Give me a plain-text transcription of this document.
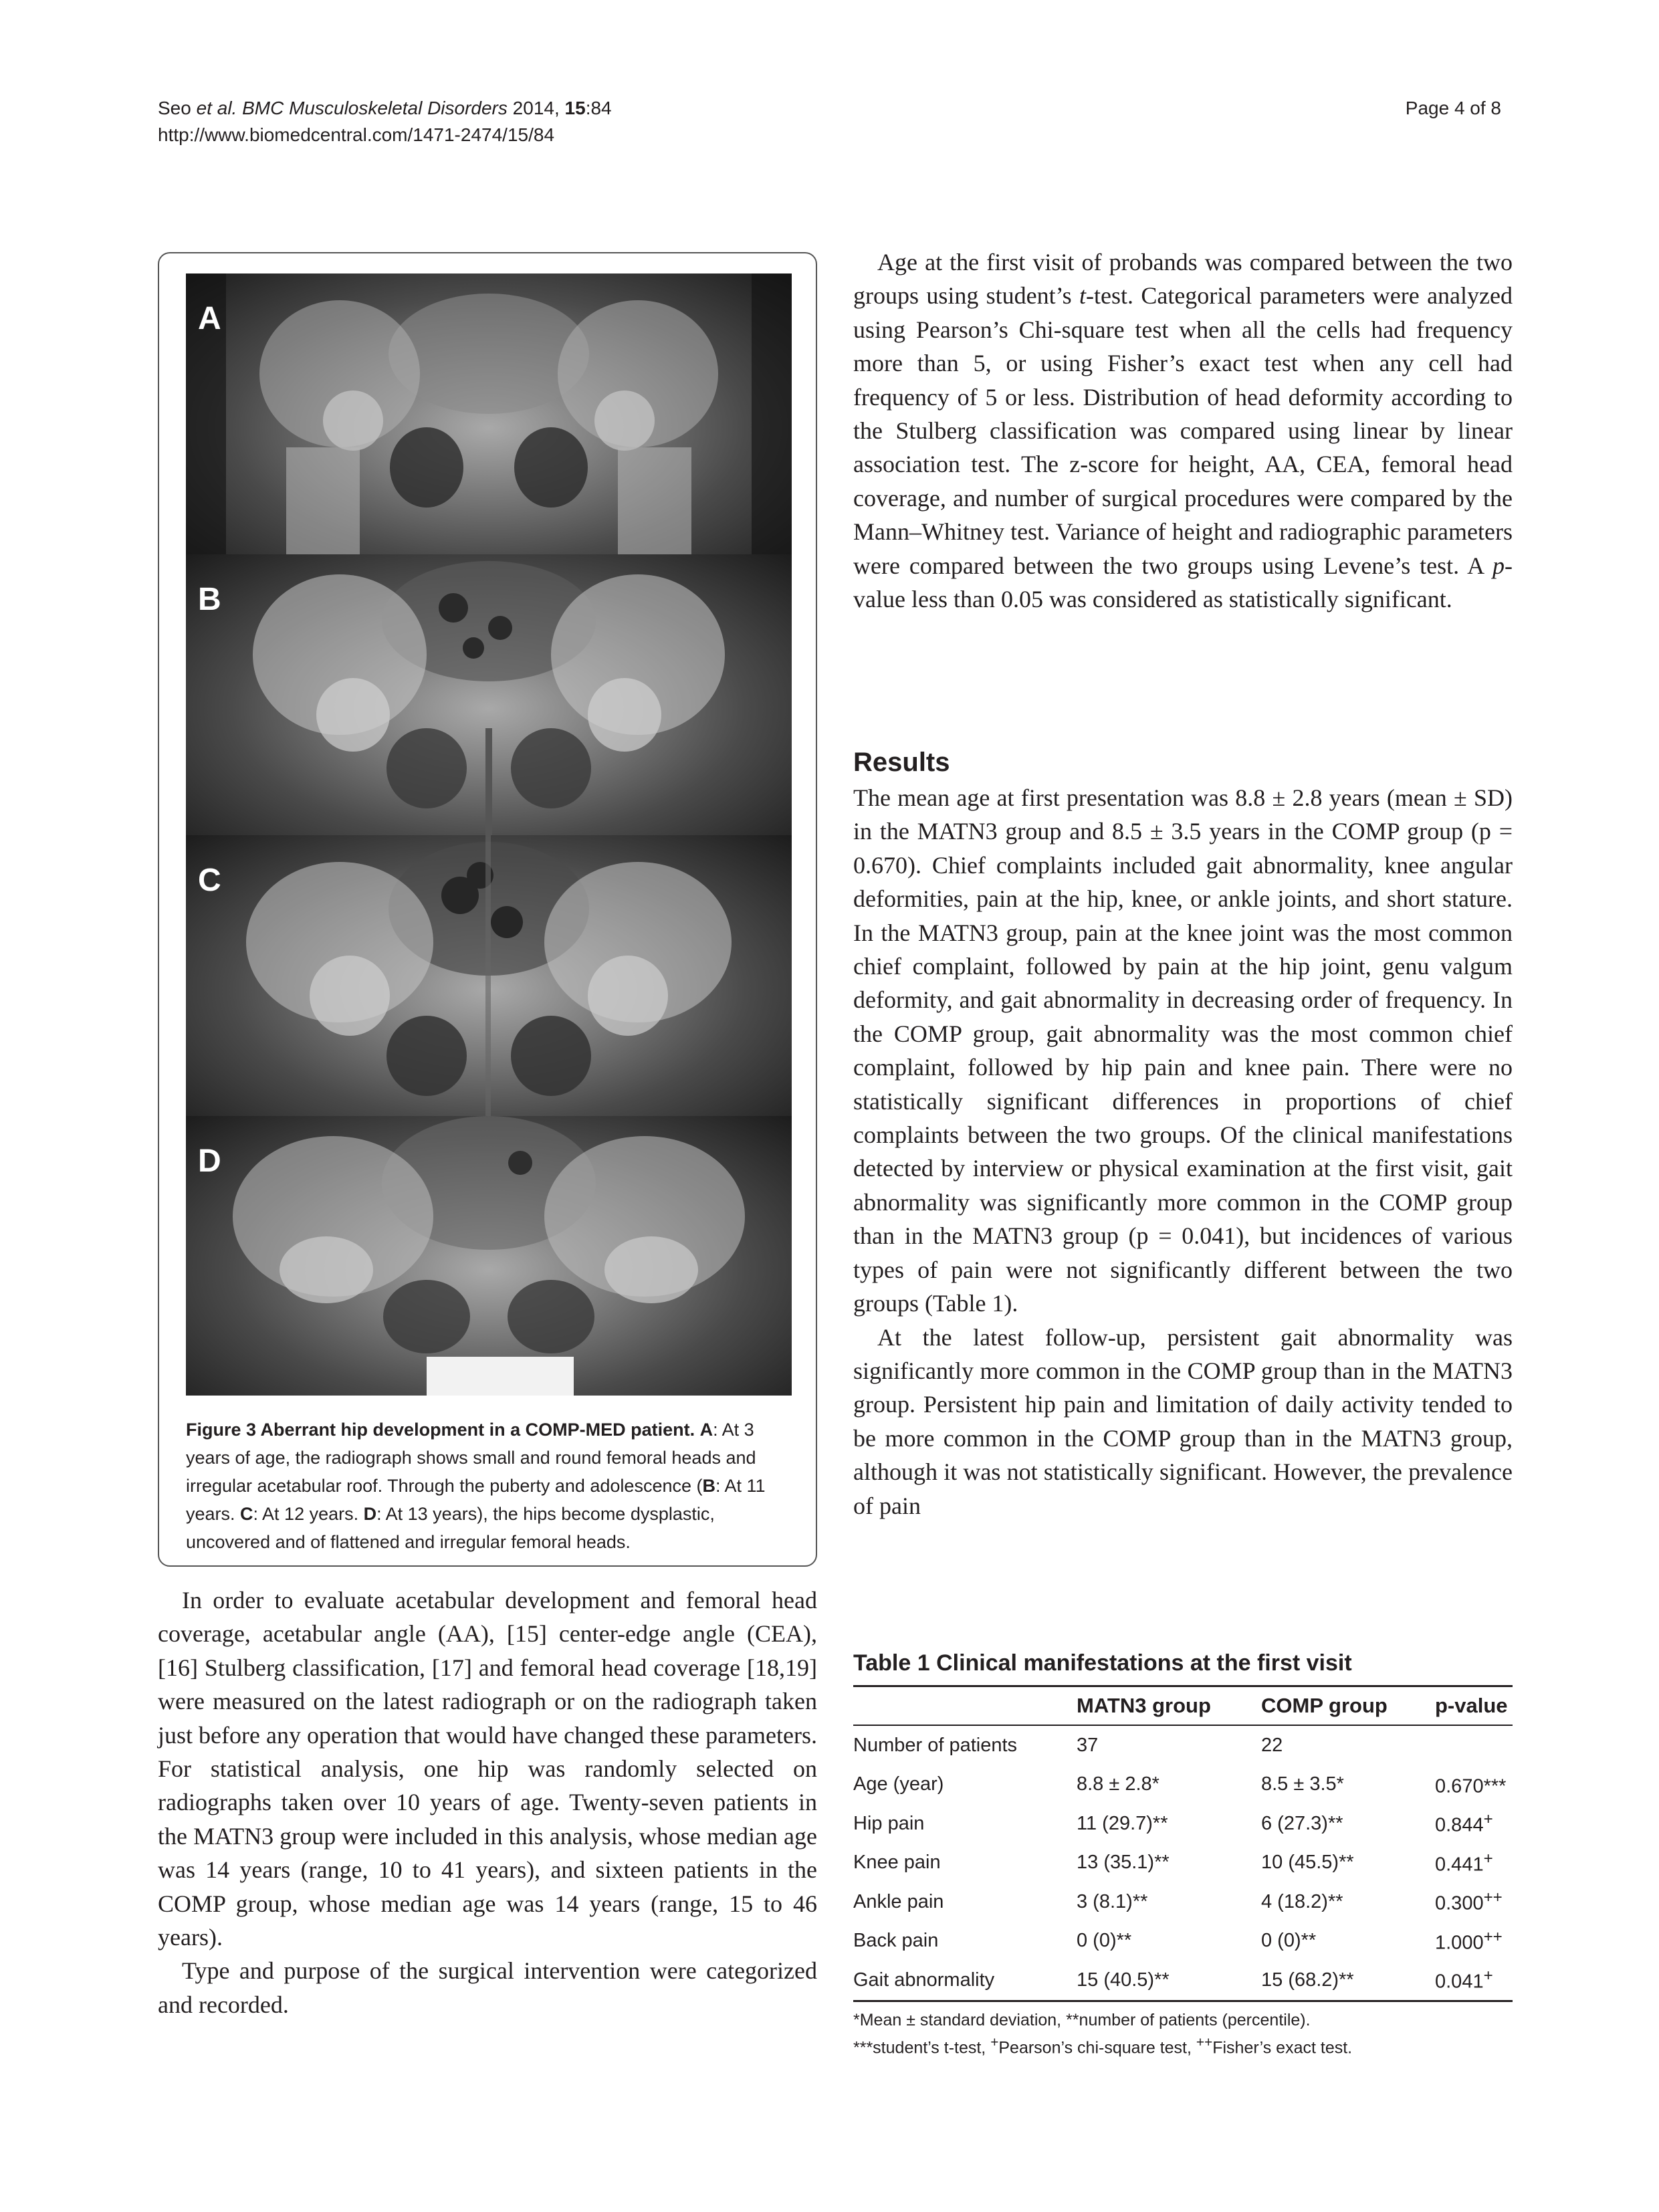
Seo et al. BMC Musculoskeletal Disorders 2014, 15:84
http://www.biomedcentral.com/1471-2474/15/84
Page 4 of 8
A
B
C
D
Figure 3 Aberrant hip development in a COMP-MED patient. A: At 3 years of age, the radiograph shows small and round femoral heads and irregular acetabular roof. Through the puberty and adolescence (B: At 11 years. C: At 12 years. D: At 13 years), the hips become dysplastic, uncovered and of flattened and irregular femoral heads.

In order to evaluate acetabular development and femoral head coverage, acetabular angle (AA), [15] center-edge angle (CEA), [16] Stulberg classification, [17] and femoral head coverage [18,19] were measured on the latest radiograph or on the radiograph taken just before any operation that would have changed these parameters. For statistical analysis, one hip was randomly selected on radiographs taken over 10 years of age. Twenty-seven patients in the MATN3 group were included in this analysis, whose median age was 14 years (range, 10 to 41 years), and sixteen patients in the COMP group, whose median age was 14 years (range, 15 to 46 years).

Type and purpose of the surgical intervention were categorized and recorded.

Age at the first visit of probands was compared between the two groups using student’s t-test. Categorical parameters were analyzed using Pearson’s Chi-square test when all the cells had frequency more than 5, or using Fisher’s exact test when any cell had frequency of 5 or less. Distribution of head deformity according to the Stulberg classification was compared using linear by linear association test. The z-score for height, AA, CEA, femoral head coverage, and number of surgical procedures were compared by the Mann–Whitney test. Variance of height and radiographic parameters were compared between the two groups using Levene’s test. A p-value less than 0.05 was considered as statistically significant.

Results

The mean age at first presentation was 8.8 ± 2.8 years (mean ± SD) in the MATN3 group and 8.5 ± 3.5 years in the COMP group (p = 0.670). Chief complaints included gait abnormality, knee angular deformities, pain at the hip, knee, or ankle joints, and short stature. In the MATN3 group, pain at the knee joint was the most common chief complaint, followed by pain at the hip joint, genu valgum deformity, and gait abnormality in decreasing order of frequency. In the COMP group, gait abnormality was the most common chief complaint, followed by hip pain and knee pain. There were no statistically significant differences in proportions of chief complaints between the two groups. Of the clinical manifestations detected by interview or physical examination at the first visit, gait abnormality was significantly more common in the COMP group than in the MATN3 group (p = 0.041), but incidences of various types of pain were not significantly different between the two groups (Table 1).

At the latest follow-up, persistent gait abnormality was significantly more common in the COMP group than in the MATN3 group. Persistent hip pain and limitation of daily activity tended to be more common in the COMP group than in the MATN3 group, although it was not statistically significant. However, the prevalence of pain

Table 1 Clinical manifestations at the first visit
	MATN3 group	COMP group	p-value
Number of patients	37	22	
Age (year)	8.8 ± 2.8*	8.5 ± 3.5*	0.670***
Hip pain	11 (29.7)**	6 (27.3)**	0.844+
Knee pain	13 (35.1)**	10 (45.5)**	0.441+
Ankle pain	3 (8.1)**	4 (18.2)**	0.300++
Back pain	0 (0)**	0 (0)**	1.000++
Gait abnormality	15 (40.5)**	15 (68.2)**	0.041+
*Mean ± standard deviation, **number of patients (percentile).
***student’s t-test, +Pearson’s chi-square test, ++Fisher’s exact test.
